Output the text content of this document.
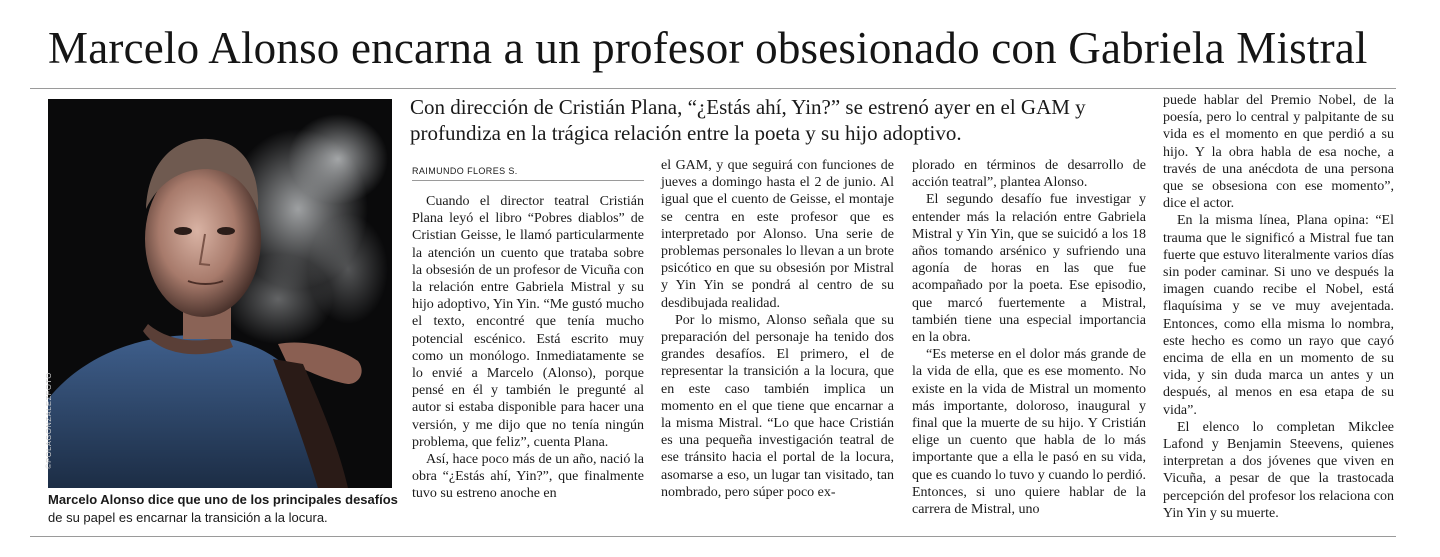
Marcelo Alonso encarna a un profesor obsesionado con Gabriela Mistral
©POLAGONZALEZFOTO

Marcelo Alonso dice que uno de los principales desafíos de su papel es encarnar la transición a la locura.

Con dirección de Cristián Plana, “¿Estás ahí, Yin?” se estrenó ayer en el GAM y profundiza en la trágica relación entre la poeta y su hijo adoptivo.

RAIMUNDO FLORES S.

Cuando el director teatral Cristián Plana leyó el libro “Pobres diablos” de Cristian Geisse, le llamó particularmente la atención un cuento que trataba sobre la obsesión de un profesor de Vicuña con la relación entre Gabriela Mistral y su hijo adoptivo, Yin Yin. “Me gustó mucho el texto, encontré que tenía mucho potencial escénico. Está escrito muy como un monólogo. Inmediatamente se lo envié a Marcelo (Alonso), porque pensé en él y también le pregunté al autor si estaba disponible para hacer una versión, y me dijo que no tenía ningún problema, que feliz”, cuenta Plana.

Así, hace poco más de un año, nació la obra “¿Estás ahí, Yin?”, que finalmente tuvo su estreno anoche en

el GAM, y que seguirá con funciones de jueves a domingo hasta el 2 de junio. Al igual que el cuento de Geisse, el montaje se centra en este profesor que es interpretado por Alonso. Una serie de problemas personales lo llevan a un brote psicótico en que su obsesión por Mistral y Yin Yin se pondrá al centro de su desdibujada realidad.

Por lo mismo, Alonso señala que su preparación del personaje ha tenido dos grandes desafíos. El primero, el de representar la transición a la locura, que en este caso también implica un momento en el que tiene que encarnar a la misma Mistral. “Lo que hace Cristián es una pequeña investigación teatral de ese tránsito hacia el portal de la locura, asomarse a eso, un lugar tan visitado, tan nombrado, pero súper poco ex-

plorado en términos de desarrollo de acción teatral”, plantea Alonso.

El segundo desafío fue investigar y entender más la relación entre Gabriela Mistral y Yin Yin, que se suicidó a los 18 años tomando arsénico y sufriendo una agonía de horas en las que fue acompañado por la poeta. Ese episodio, que marcó fuertemente a Mistral, también tiene una especial importancia en la obra.

“Es meterse en el dolor más grande de la vida de ella, que es ese momento. No existe en la vida de Mistral un momento más importante, doloroso, inaugural y final que la muerte de su hijo. Y Cristián elige un cuento que habla de lo más importante que a ella le pasó en su vida, que es cuando lo tuvo y cuando lo perdió. Entonces, si uno quiere hablar de la carrera de Mistral, uno

puede hablar del Premio Nobel, de la poesía, pero lo central y palpitante de su vida es el momento en que perdió a su hijo. Y la obra habla de esa noche, a través de una anécdota de una persona que se obsesiona con ese momento”, dice el actor.

En la misma línea, Plana opina: “El trauma que le significó a Mistral fue tan fuerte que estuvo literalmente varios días sin poder caminar. Si uno ve después la imagen cuando recibe el Nobel, está flaquísima y se ve muy avejentada. Entonces, como ella misma lo nombra, este hecho es como un rayo que cayó encima de ella en un momento de su vida, y sin duda marca un antes y un después, al menos en esa etapa de su vida”.

El elenco lo completan Mikclee Lafond y Benjamin Steevens, quienes interpretan a dos jóvenes que viven en Vicuña, a pesar de que la trastocada percepción del profesor los relaciona con Yin Yin y su muerte.
